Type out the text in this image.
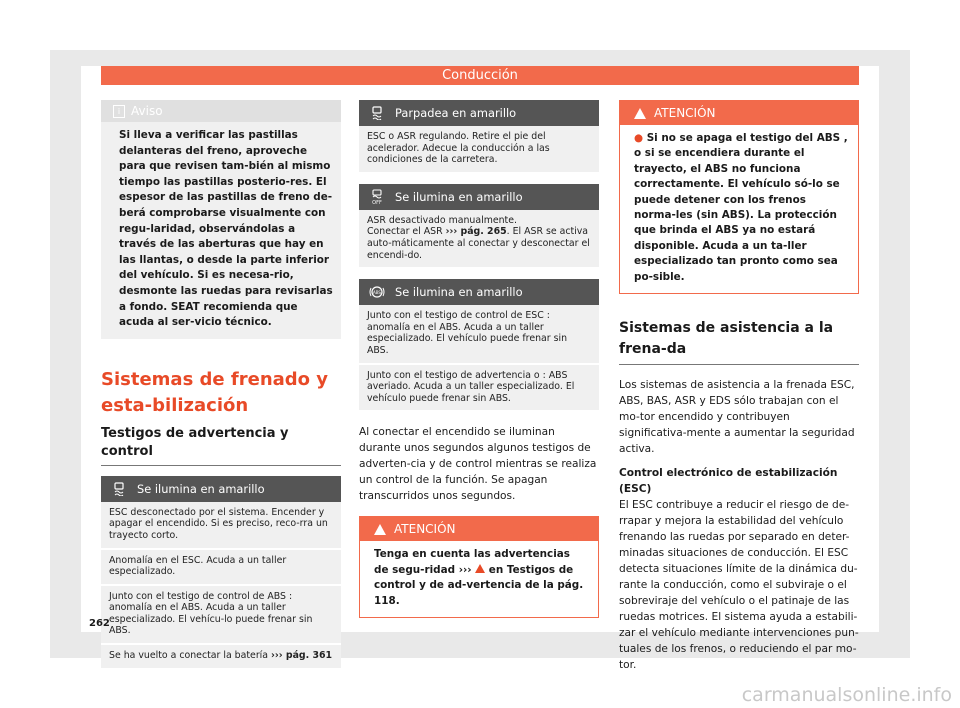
Conducción
i Aviso
Si lleva a verificar las pastillas delanteras del freno, aproveche para que revisen tam-bién al mismo tiempo las pastillas posterio-res. El espesor de las pastillas de freno de-berá comprobarse visualmente con regu-laridad, observándolas a través de las aberturas que hay en las llantas, o desde la parte inferior del vehículo. Si es necesa-rio, desmonte las ruedas para revisarlas a fondo. SEAT recomienda que acuda al ser-vicio técnico.
Sistemas de frenado y esta-bilización
Testigos de advertencia y control
Se ilumina en amarillo
ESC desconectado por el sistema. Encender y apagar el encendido. Si es preciso, reco-rra un trayecto corto.
Anomalía en el ESC. Acuda a un taller especializado.
Junto con el testigo de control de ABS : anomalía en el ABS. Acuda a un taller especializado. El vehícu-lo puede frenar sin ABS.
Se ha vuelto a conectar la batería ››› pág. 361
Parpadea en amarillo
ESC o ASR regulando. Retire el pie del acelerador. Adecue la conducción a las condiciones de la carretera.
OFF Se ilumina en amarillo
ASR desactivado manualmente.
Conectar el ASR ››› pág. 265. El ASR se activa auto-máticamente al conectar y desconectar el encendi-do.
ABS Se ilumina en amarillo
Junto con el testigo de control de ESC : anomalía en el ABS. Acuda a un taller especializado. El vehículo puede frenar sin ABS.
Junto con el testigo de advertencia o : ABS averiado. Acuda a un taller especializado. El vehículo puede frenar sin ABS.
Al conectar el encendido se iluminan durante unos segundos algunos testigos de adverten-cia y de control mientras se realiza un control de la función. Se apagan transcurridos unos segundos.
ATENCIÓN
Tenga en cuenta las advertencias de segu-ridad ››› en Testigos de control y de ad-vertencia de la pág. 118.
ATENCIÓN
● Si no se apaga el testigo del ABS , o si se encendiera durante el trayecto, el ABS no funciona correctamente. El vehículo só-lo se puede detener con los frenos norma-les (sin ABS). La protección que brinda el ABS ya no estará disponible. Acuda a un ta-ller especializado tan pronto como sea po-sible.
Sistemas de asistencia a la frena-da
Los sistemas de asistencia a la frenada ESC, ABS, BAS, ASR y EDS sólo trabajan con el mo-tor encendido y contribuyen significativa-mente a aumentar la seguridad activa.
Control electrónico de estabilización (ESC)
El ESC contribuye a reducir el riesgo de de-rrapar y mejora la estabilidad del vehículo frenando las ruedas por separado en deter-minadas situaciones de conducción. El ESC detecta situaciones límite de la dinámica du-rante la conducción, como el subviraje o el sobreviraje del vehículo o el patinaje de las ruedas motrices. El sistema ayuda a estabili-zar el vehículo mediante intervenciones pun-tuales de los frenos, o reduciendo el par mo-tor.
262
carmanualsonline.info
